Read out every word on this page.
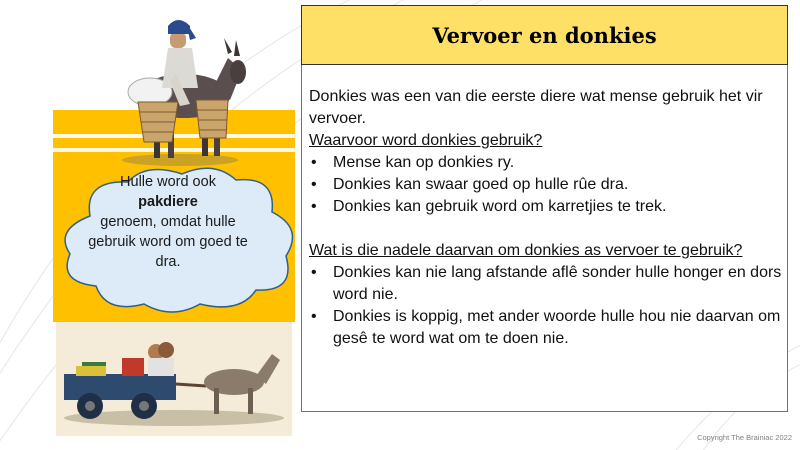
Hulle word ook
pakdiere
genoem, omdat hulle gebruik word om goed te dra.
Vervoer en donkies

Donkies was een van die eerste diere wat mense gebruik het vir vervoer.

Waarvoor word donkies gebruik?

• Mense kan op donkies ry.
• Donkies kan swaar goed op hulle rûe dra.
• Donkies kan gebruik word om karretjies te trek.

Wat is die nadele daarvan om donkies as vervoer te gebruik?

• Donkies kan nie lang afstande aflê sonder hulle honger en dors word nie.
• Donkies is koppig, met ander woorde hulle hou nie daarvan om gesê te word wat om te doen nie.
Copyright The Brainiac 2022
